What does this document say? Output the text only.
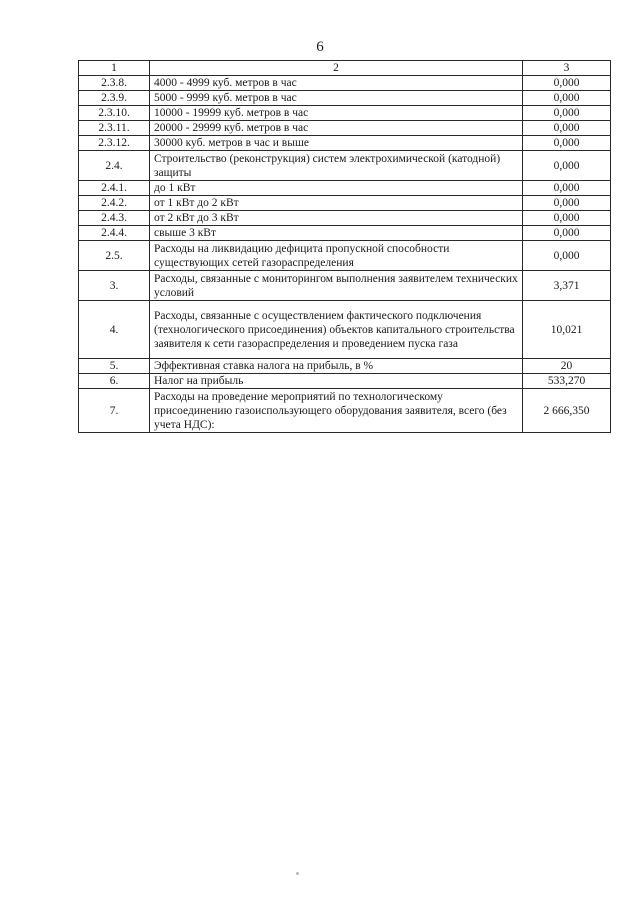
6
1	2	3
2.3.8.	4000 - 4999 куб. метров в час	0,000
2.3.9.	5000 - 9999 куб. метров в час	0,000
2.3.10.	10000 - 19999 куб. метров в час	0,000
2.3.11.	20000 - 29999 куб. метров в час	0,000
2.3.12.	30000 куб. метров в час и выше	0,000
2.4.	Строительство (реконструкция) систем электрохимической (катодной) защиты	0,000
2.4.1.	до 1 кВт	0,000
2.4.2.	от 1 кВт до 2 кВт	0,000
2.4.3.	от 2 кВт до 3 кВт	0,000
2.4.4.	свыше 3 кВт	0,000
2.5.	Расходы на ликвидацию дефицита пропускной способности существующих сетей газораспределения	0,000
3.	Расходы, связанные с мониторингом выполнения заявителем технических условий	3,371
4.	Расходы, связанные с осуществлением фактического подключения (технологического присоединения) объектов капитального строительства заявителя к сети газораспределения и проведением пуска газа	10,021
5.	Эффективная ставка налога на прибыль, в %	20
6.	Налог на прибыль	533,270
7.	Расходы на проведение мероприятий по технологическому присоединению газоиспользующего оборудования заявителя, всего (без учета НДС):	2 666,350
